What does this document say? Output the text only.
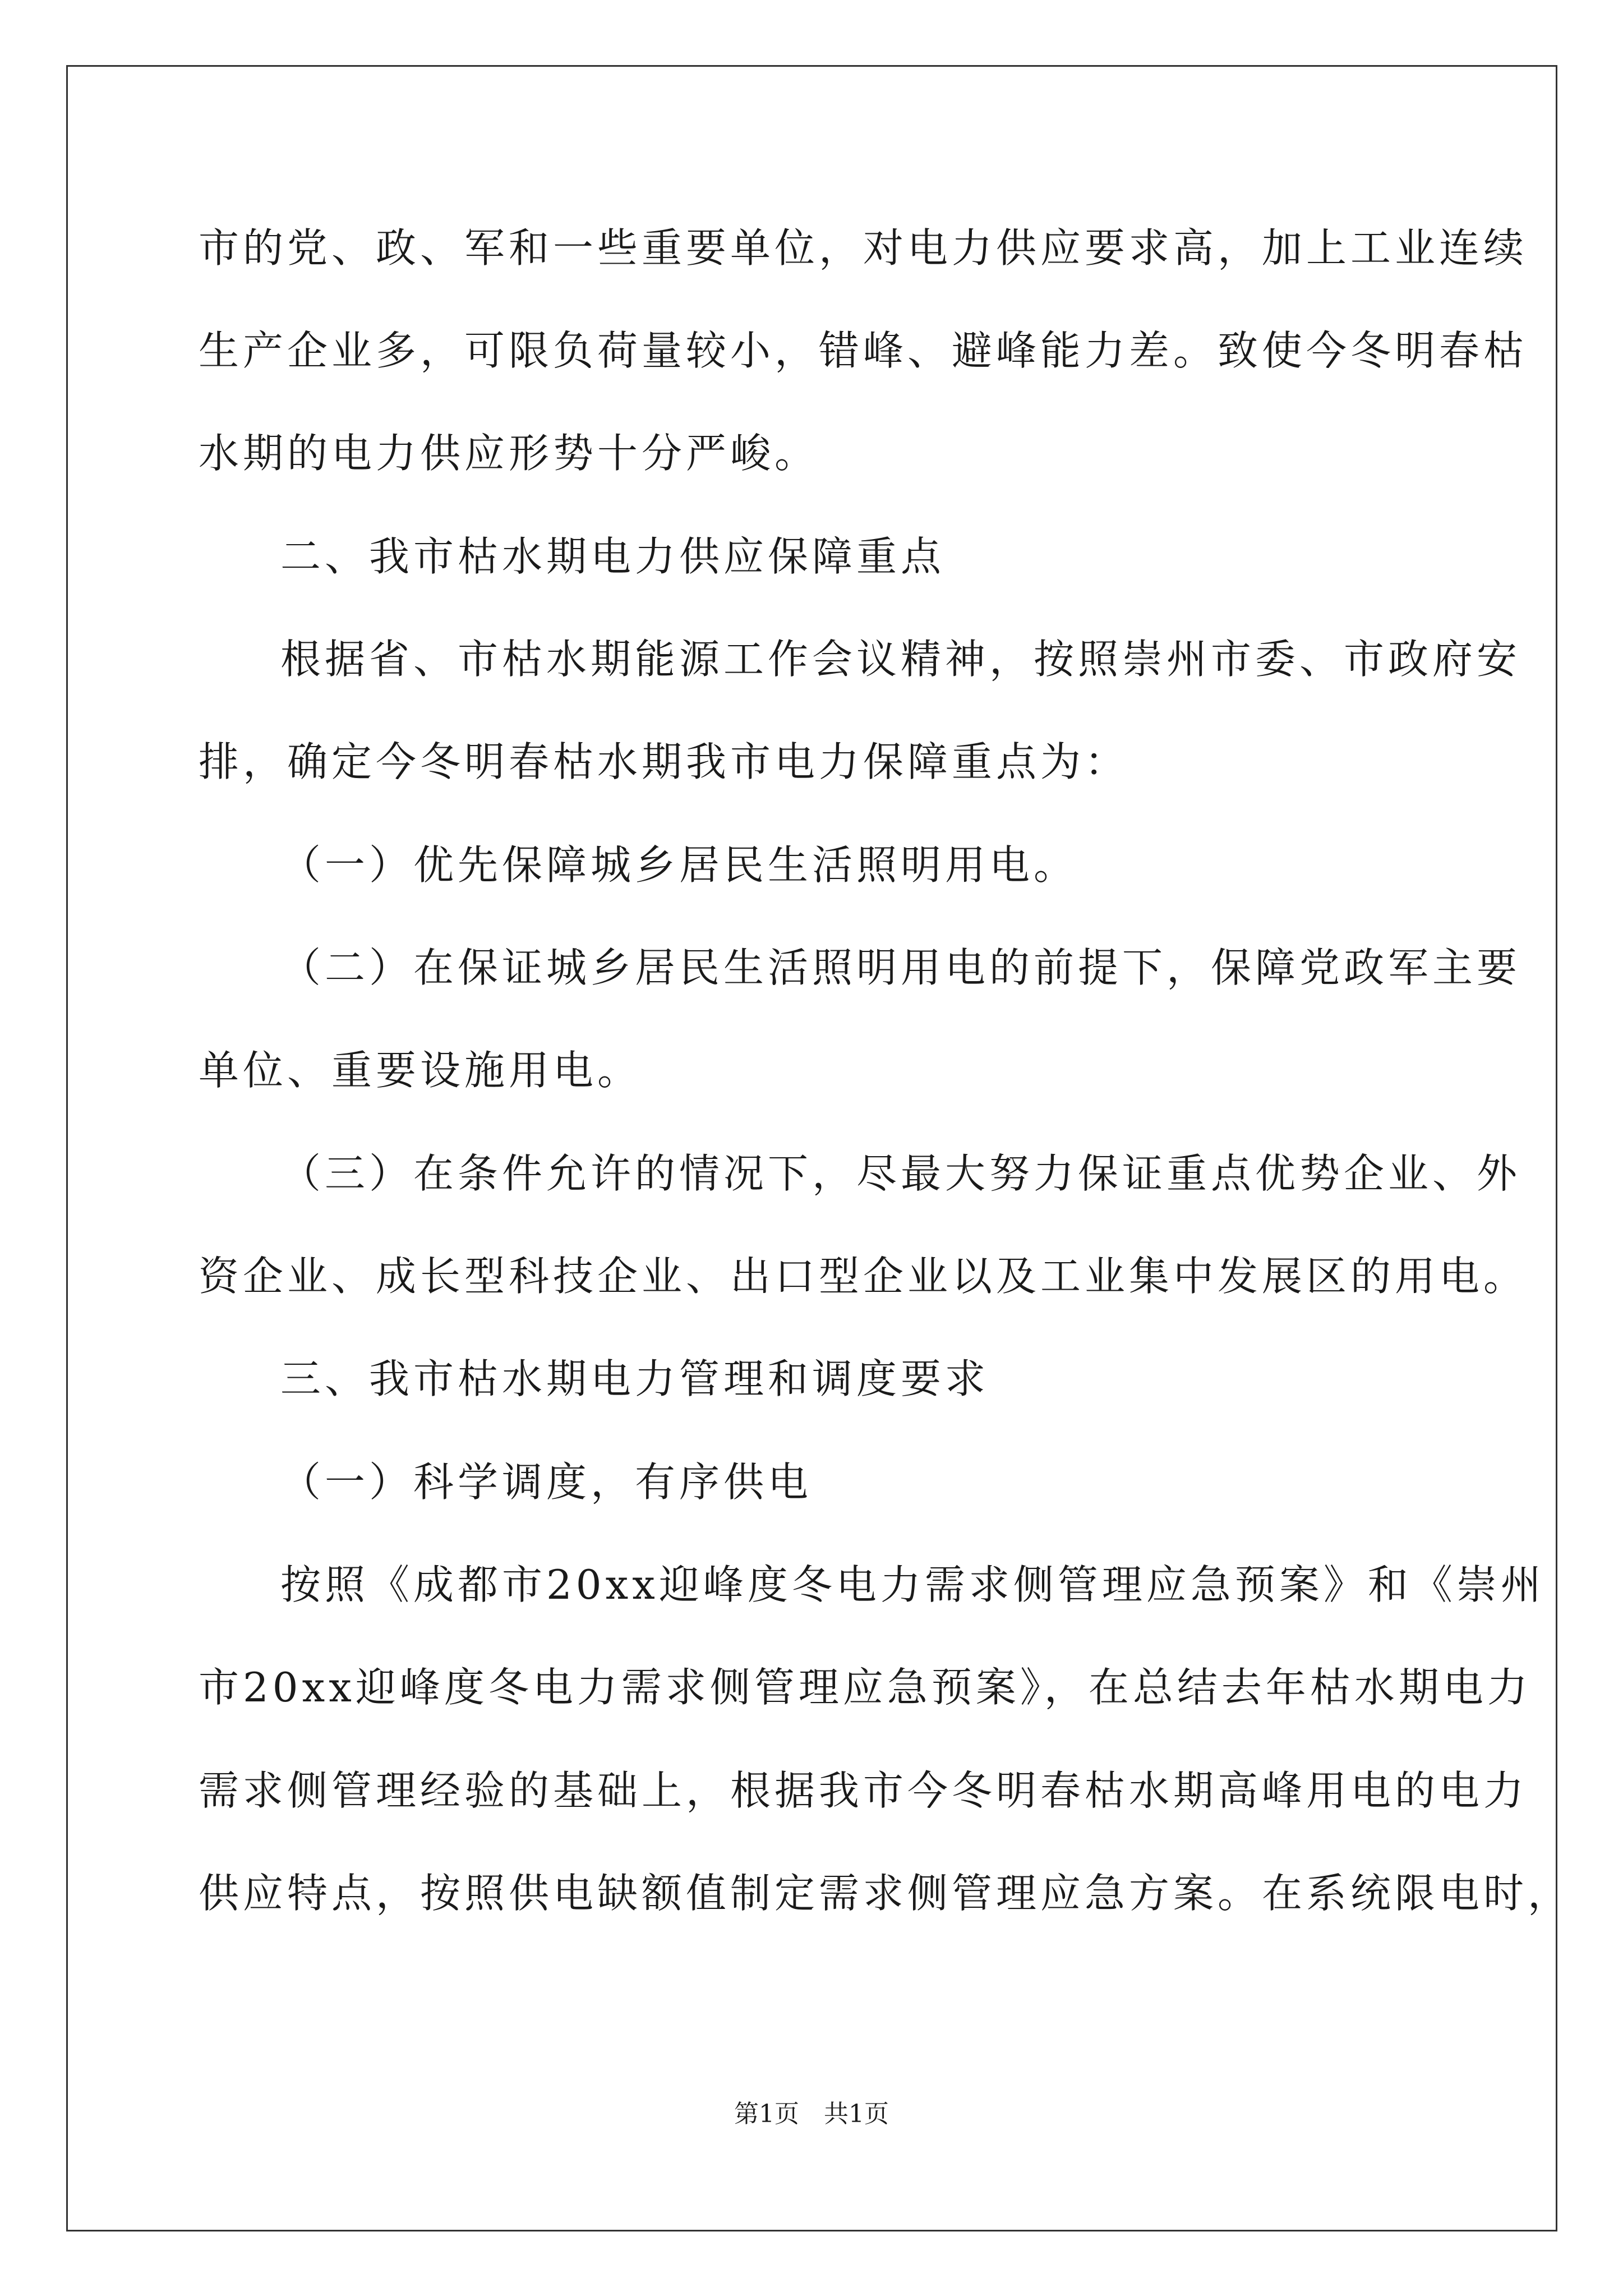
市的党、政、军和一些重要单位，对电力供应要求高，加上工业连续
生产企业多，可限负荷量较小，错峰、避峰能力差。致使今冬明春枯
水期的电力供应形势十分严峻。
二、我市枯水期电力供应保障重点
根据省、市枯水期能源工作会议精神，按照崇州市委、市政府安
排，确定今冬明春枯水期我市电力保障重点为：
（一）优先保障城乡居民生活照明用电。
（二）在保证城乡居民生活照明用电的前提下，保障党政军主要
单位、重要设施用电。
（三）在条件允许的情况下，尽最大努力保证重点优势企业、外
资企业、成长型科技企业、出口型企业以及工业集中发展区的用电。
三、我市枯水期电力管理和调度要求
（一）科学调度，有序供电
按照《成都市20xx迎峰度冬电力需求侧管理应急预案》和《崇州
市20xx迎峰度冬电力需求侧管理应急预案》，在总结去年枯水期电力
需求侧管理经验的基础上，根据我市今冬明春枯水期高峰用电的电力
供应特点，按照供电缺额值制定需求侧管理应急方案。在系统限电时，
第1页　共1页
